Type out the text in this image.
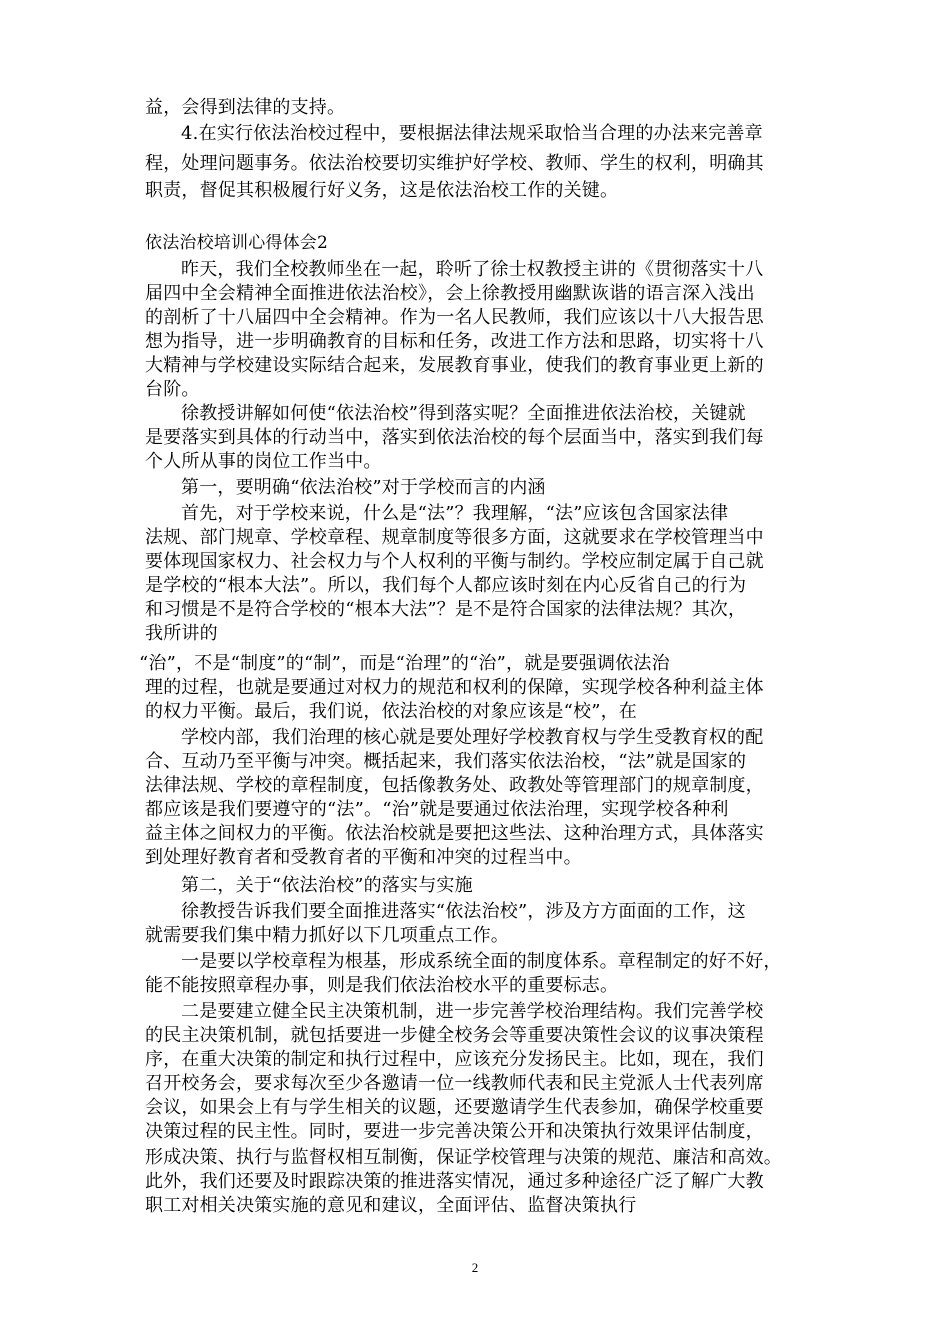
益，会得到法律的支持。
4.在实行依法治校过程中，要根据法律法规采取恰当合理的办法来完善章
程，处理问题事务。依法治校要切实维护好学校、教师、学生的权利，明确其
职责，督促其积极履行好义务，这是依法治校工作的关键。
依法治校培训心得体会2
昨天，我们全校教师坐在一起，聆听了徐士权教授主讲的《贯彻落实十八
届四中全会精神全面推进依法治校》，会上徐教授用幽默诙谐的语言深入浅出
的剖析了十八届四中全会精神。作为一名人民教师，我们应该以十八大报告思
想为指导，进一步明确教育的目标和任务，改进工作方法和思路，切实将十八
大精神与学校建设实际结合起来，发展教育事业，使我们的教育事业更上新的
台阶。
徐教授讲解如何使“依法治校”得到落实呢？全面推进依法治校，关键就
是要落实到具体的行动当中，落实到依法治校的每个层面当中，落实到我们每
个人所从事的岗位工作当中。
第一，要明确“依法治校”对于学校而言的内涵
首先，对于学校来说，什么是“法”？我理解，“法”应该包含国家法律
法规、部门规章、学校章程、规章制度等很多方面，这就要求在学校管理当中
要体现国家权力、社会权力与个人权利的平衡与制约。学校应制定属于自己就
是学校的“根本大法”。所以，我们每个人都应该时刻在内心反省自己的行为
和习惯是不是符合学校的“根本大法”？是不是符合国家的法律法规？其次，
我所讲的
“治”，不是“制度”的“制”，而是“治理”的“治”，就是要强调依法治
理的过程，也就是要通过对权力的规范和权利的保障，实现学校各种利益主体
的权力平衡。最后，我们说，依法治校的对象应该是“校”，在
学校内部，我们治理的核心就是要处理好学校教育权与学生受教育权的配
合、互动乃至平衡与冲突。概括起来，我们落实依法治校，“法”就是国家的
法律法规、学校的章程制度，包括像教务处、政教处等管理部门的规章制度，
都应该是我们要遵守的“法”。“治”就是要通过依法治理，实现学校各种利
益主体之间权力的平衡。依法治校就是要把这些法、这种治理方式，具体落实
到处理好教育者和受教育者的平衡和冲突的过程当中。
第二，关于“依法治校”的落实与实施
徐教授告诉我们要全面推进落实“依法治校”，涉及方方面面的工作，这
就需要我们集中精力抓好以下几项重点工作。
一是要以学校章程为根基，形成系统全面的制度体系。章程制定的好不好，
能不能按照章程办事，则是我们依法治校水平的重要标志。
二是要建立健全民主决策机制，进一步完善学校治理结构。我们完善学校
的民主决策机制，就包括要进一步健全校务会等重要决策性会议的议事决策程
序，在重大决策的制定和执行过程中，应该充分发扬民主。比如，现在，我们
召开校务会，要求每次至少各邀请一位一线教师代表和民主党派人士代表列席
会议，如果会上有与学生相关的议题，还要邀请学生代表参加，确保学校重要
决策过程的民主性。同时，要进一步完善决策公开和决策执行效果评估制度，
形成决策、执行与监督权相互制衡，保证学校管理与决策的规范、廉洁和高效。
此外，我们还要及时跟踪决策的推进落实情况，通过多种途径广泛了解广大教
职工对相关决策实施的意见和建议，全面评估、监督决策执行
2
